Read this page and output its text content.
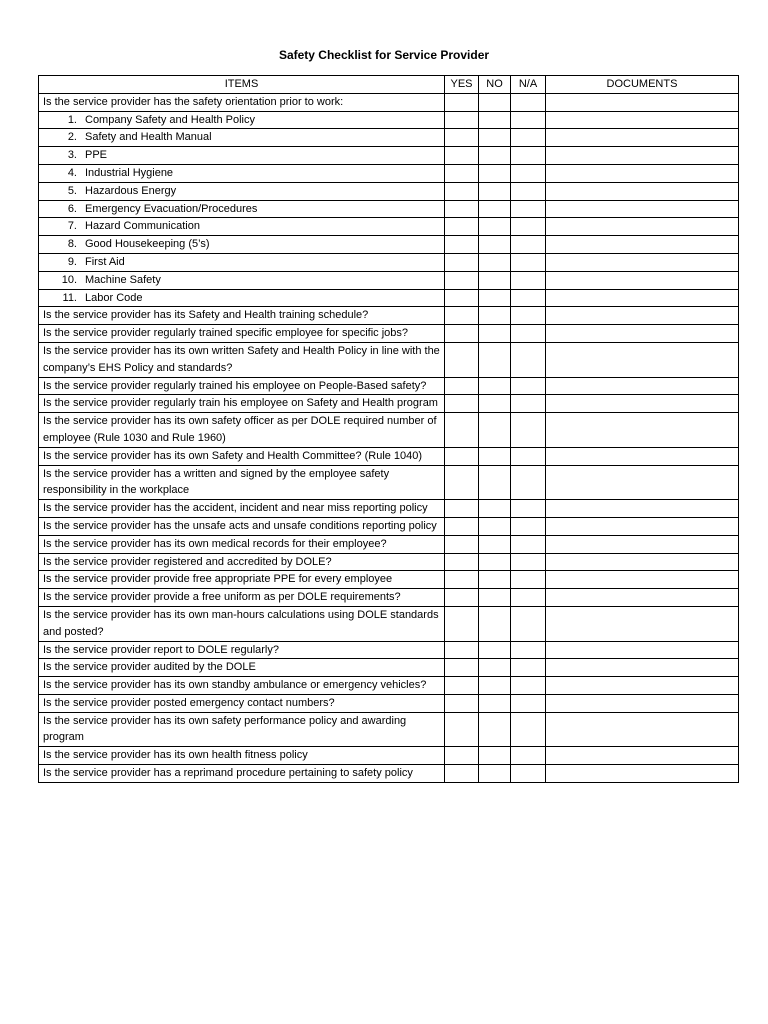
Safety Checklist for Service Provider
ITEMS	YES	NO	N/A	DOCUMENTS
Is the service provider has the safety orientation prior to work:				

1. Company Safety and Health Policy				

2. Safety and Health Manual				

3. PPE				

4. Industrial Hygiene				

5. Hazardous Energy				

6. Emergency Evacuation/Procedures				

7. Hazard Communication				

8. Good Housekeeping (5’s)				

9. First Aid				

10. Machine Safety				

11. Labor Code				

Is the service provider has its Safety and Health training schedule?				
Is the service provider regularly trained specific employee for specific jobs?				
Is the service provider has its own written Safety and Health Policy in line with the company’s EHS Policy and standards?				
Is the service provider regularly trained his employee on People-Based safety?				
Is the service provider regularly train his employee on Safety and Health program				
Is the service provider has its own safety officer as per DOLE required number of employee (Rule 1030 and Rule 1960)				
Is the service provider has its own Safety and Health Committee? (Rule 1040)				
Is the service provider has a written and signed by the employee safety responsibility in the workplace				
Is the service provider has the accident, incident and near miss reporting policy				
Is the service provider has the unsafe acts and unsafe conditions reporting policy				
Is the service provider has its own medical records for their employee?				
Is the service provider registered and accredited by DOLE?				
Is the service provider provide free appropriate PPE for every employee				
Is the service provider provide a free uniform as per DOLE requirements?				
Is the service provider has its own man-hours calculations using DOLE standards and posted?				
Is the service provider report to DOLE regularly?				
Is the service provider audited by the DOLE				
Is the service provider has its own standby ambulance or emergency vehicles?				
Is the service provider posted emergency contact numbers?				
Is the service provider has its own safety performance policy and awarding program				
Is the service provider has its own health fitness policy				
Is the service provider has a reprimand procedure pertaining to safety policy				
